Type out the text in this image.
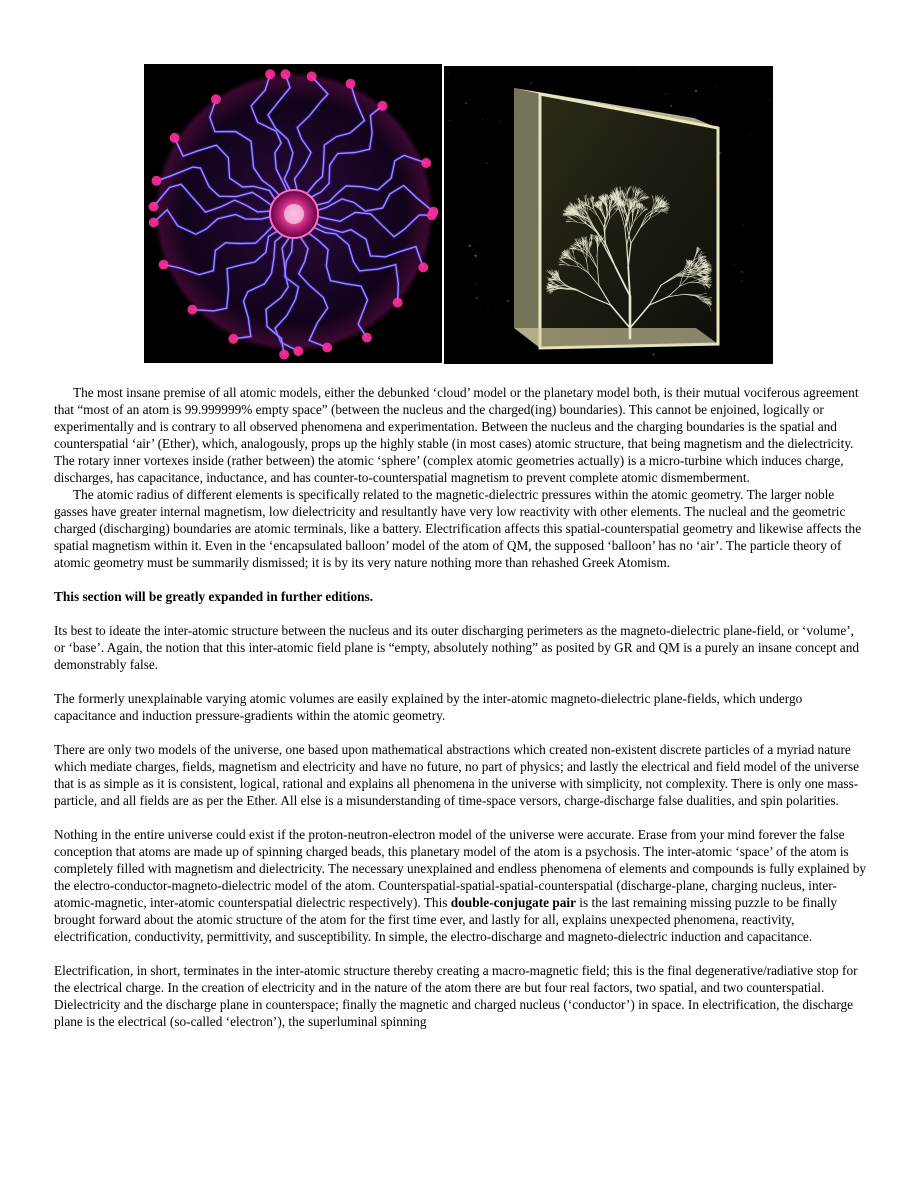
The most insane premise of all atomic models, either the debunked ‘cloud’ model or the planetary model both, is their mutual vociferous agreement that “most of an atom is 99.999999% empty space” (between the nucleus and the charged(ing) boundaries). This cannot be enjoined, logically or experimentally and is contrary to all observed phenomena and experimentation. Between the nucleus and the charging boundaries is the spatial and counterspatial ‘air’ (Ether), which, analogously, props up the highly stable (in most cases) atomic structure, that being magnetism and the dielectricity. The rotary inner vortexes inside (rather between) the atomic ‘sphere’ (complex atomic geometries actually) is a micro-turbine which induces charge, discharges, has capacitance, inductance, and has counter-to-counterspatial magnetism to prevent complete atomic dismemberment.

The atomic radius of different elements is specifically related to the magnetic-dielectric pressures within the atomic geometry. The larger noble gasses have greater internal magnetism, low dielectricity and resultantly have very low reactivity with other elements. The nucleal and the geometric charged (discharging) boundaries are atomic terminals, like a battery. Electrification affects this spatial-counterspatial geometry and likewise affects the spatial magnetism within it. Even in the ‘encapsulated balloon’ model of the atom of QM, the supposed ‘balloon’ has no ‘air’. The particle theory of atomic geometry must be summarily dismissed; it is by its very nature nothing more than rehashed Greek Atomism.

This section will be greatly expanded in further editions.

Its best to ideate the inter-atomic structure between the nucleus and its outer discharging perimeters as the magneto-dielectric plane-field, or ‘volume’, or ‘base’. Again, the notion that this inter-atomic field plane is “empty, absolutely nothing” as posited by GR and QM is a purely an insane concept and demonstrably false.

The formerly unexplainable varying atomic volumes are easily explained by the inter-atomic magneto-dielectric plane-fields, which undergo capacitance and induction pressure-gradients within the atomic geometry.

There are only two models of the universe, one based upon mathematical abstractions which created non-existent discrete particles of a myriad nature which mediate charges, fields, magnetism and electricity and have no future, no part of physics; and lastly the electrical and field model of the universe that is as simple as it is consistent, logical, rational and explains all phenomena in the universe with simplicity, not complexity. There is only one mass-particle, and all fields are as per the Ether. All else is a misunderstanding of time-space versors, charge-discharge false dualities, and spin polarities.

Nothing in the entire universe could exist if the proton-neutron-electron model of the universe were accurate. Erase from your mind forever the false conception that atoms are made up of spinning charged beads, this planetary model of the atom is a psychosis. The inter-atomic ‘space’ of the atom is completely filled with magnetism and dielectricity. The necessary unexplained and endless phenomena of elements and compounds is fully explained by the electro-conductor-magneto-dielectric model of the atom. Counterspatial-spatial-spatial-counterspatial (discharge-plane, charging nucleus, inter-atomic-magnetic, inter-atomic counterspatial dielectric respectively). This double-conjugate pair is the last remaining missing puzzle to be finally brought forward about the atomic structure of the atom for the first time ever, and lastly for all, explains unexpected phenomena, reactivity, electrification, conductivity, permittivity, and susceptibility. In simple, the electro-discharge and magneto-dielectric induction and capacitance.

Electrification, in short, terminates in the inter-atomic structure thereby creating a macro-magnetic field; this is the final degenerative/radiative stop for the electrical charge. In the creation of electricity and in the nature of the atom there are but four real factors, two spatial, and two counterspatial. Dielectricity and the discharge plane in counterspace; finally the magnetic and charged nucleus (‘conductor’) in space. In electrification, the discharge plane is the electrical (so-called ‘electron’), the superluminal spinning
